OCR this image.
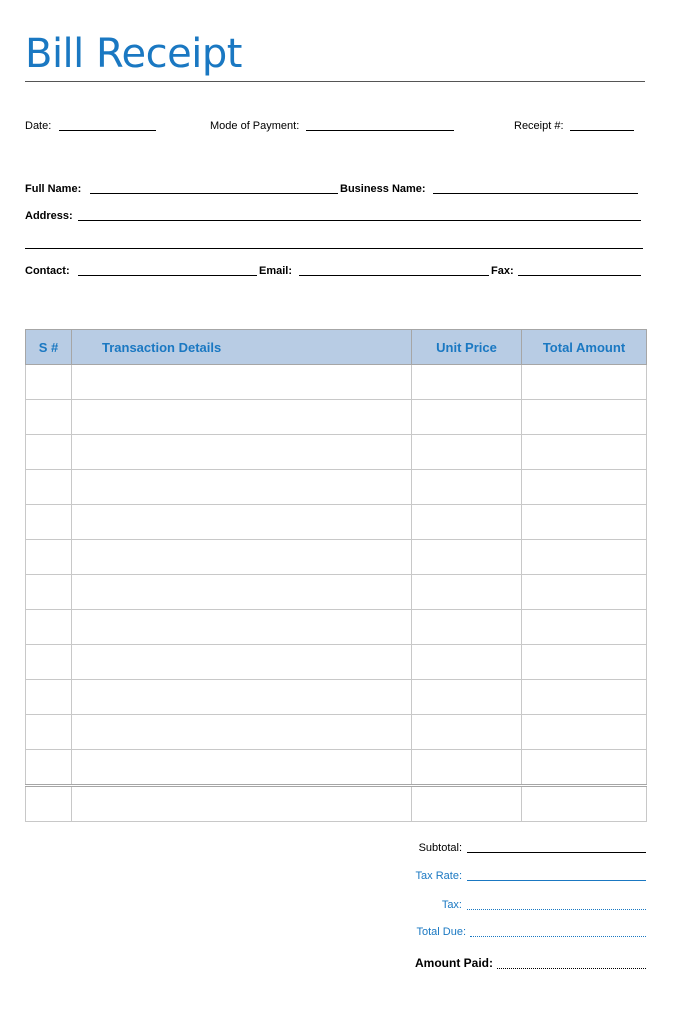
Bill Receipt
Date:	Mode of Payment:	Receipt #:
Full Name:	Business Name:
Address:
Contact:	Email:	Fax:
S #	Transaction Details	Unit Price	Total Amount

Subtotal:
Tax Rate:
Tax:
Total Due:
Amount Paid:
